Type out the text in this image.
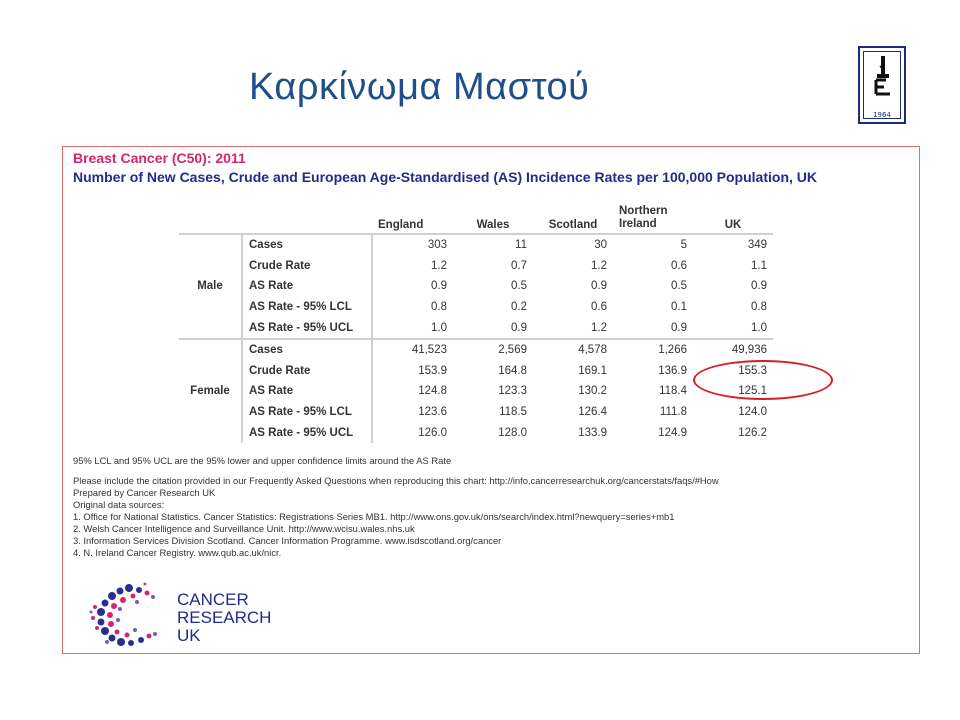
Καρκίνωμα Μαστού
1964
Breast Cancer (C50): 2011
Number of New Cases, Crude and European Age-Standardised (AS) Incidence Rates per 100,000 Population, UK
		England	Wales	Scotland	Northern Ireland	UK
Male	Cases	303	11	30	5	349
	Crude Rate	1.2	0.7	1.2	0.6	1.1
	AS Rate	0.9	0.5	0.9	0.5	0.9
	AS Rate - 95% LCL	0.8	0.2	0.6	0.1	0.8
	AS Rate - 95% UCL	1.0	0.9	1.2	0.9	1.0
Female	Cases	41,523	2,569	4,578	1,266	49,936
	Crude Rate	153.9	164.8	169.1	136.9	155.3
	AS Rate	124.8	123.3	130.2	118.4	125.1
	AS Rate - 95% LCL	123.6	118.5	126.4	111.8	124.0
	AS Rate - 95% UCL	126.0	128.0	133.9	124.9	126.2
95% LCL and 95% UCL are the 95% lower and upper confidence limits around the AS Rate
Please include the citation provided in our Frequently Asked Questions when reproducing this chart: http://info.cancerresearchuk.org/cancerstats/faqs/#How
Prepared by Cancer Research UK
Original data sources:
1. Office for National Statistics. Cancer Statistics: Registrations Series MB1. http://www.ons.gov.uk/ons/search/index.html?newquery=series+mb1
2. Welsh Cancer Intelligence and Surveillance Unit. http://www.wcisu.wales.nhs.uk
3. Information Services Division Scotland. Cancer Information Programme. www.isdscotland.org/cancer
4. N. Ireland Cancer Registry. www.qub.ac.uk/nicr.
CANCER
RESEARCH
UK
